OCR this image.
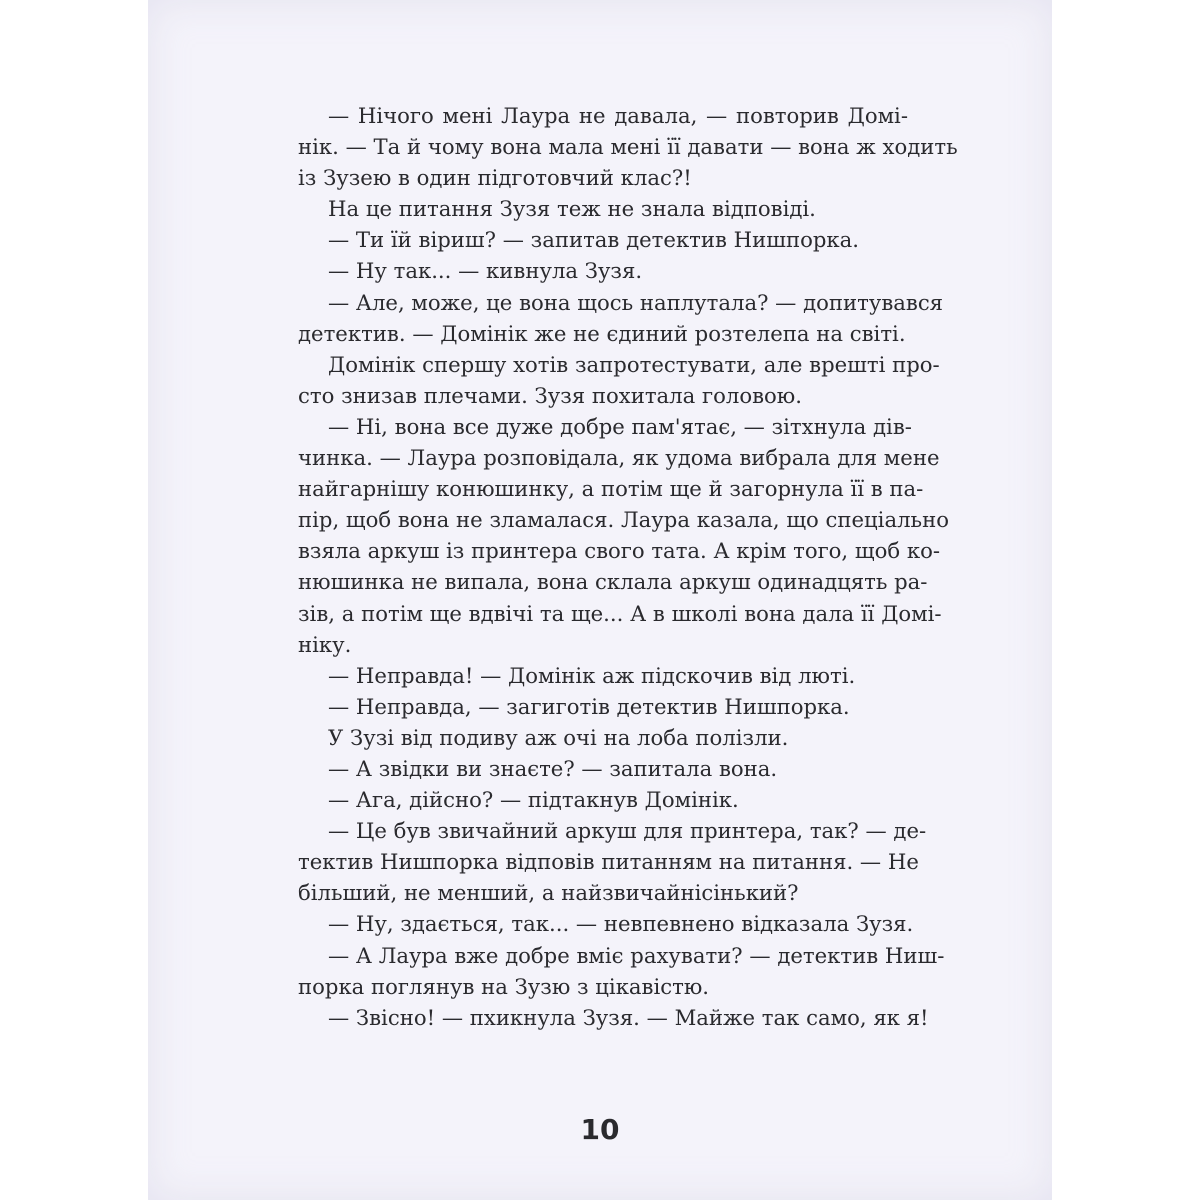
— Нічого мені Лаура не давала, — повторив Домі-
нік. — Та й чому вона мала мені її давати — вона ж ходить
із Зузею в один підготовчий клас?!
На це питання Зузя теж не знала відповіді.
— Ти їй віриш? — запитав детектив Нишпорка.
— Ну так... — кивнула Зузя.
— Але, може, це вона щось наплутала? — допитувався
детектив. — Домінік же не єдиний розтелепа на світі.
Домінік спершу хотів запротестувати, але врешті про-
сто знизав плечами. Зузя похитала головою.
— Ні, вона все дуже добре пам'ятає, — зітхнула дів-
чинка. — Лаура розповідала, як удома вибрала для мене
найгарнішу конюшинку, а потім ще й загорнула її в па-
пір, щоб вона не зламалася. Лаура казала, що спеціально
взяла аркуш із принтера свого тата. А крім того, щоб ко-
нюшинка не випала, вона склала аркуш одинадцять ра-
зів, а потім ще вдвічі та ще... А в школі вона дала її Домі-
ніку.
— Неправда! — Домінік аж підскочив від люті.
— Неправда, — загиготів детектив Нишпорка.
У Зузі від подиву аж очі на лоба полізли.
— А звідки ви знаєте? — запитала вона.
— Ага, дійсно? — підтакнув Домінік.
— Це був звичайний аркуш для принтера, так? — де-
тектив Нишпорка відповів питанням на питання. — Не
більший, не менший, а найзвичайнісінький?
— Ну, здається, так... — невпевнено відказала Зузя.
— А Лаура вже добре вміє рахувати? — детектив Ниш-
порка поглянув на Зузю з цікавістю.
— Звісно! — пхикнула Зузя. — Майже так само, як я!
10
